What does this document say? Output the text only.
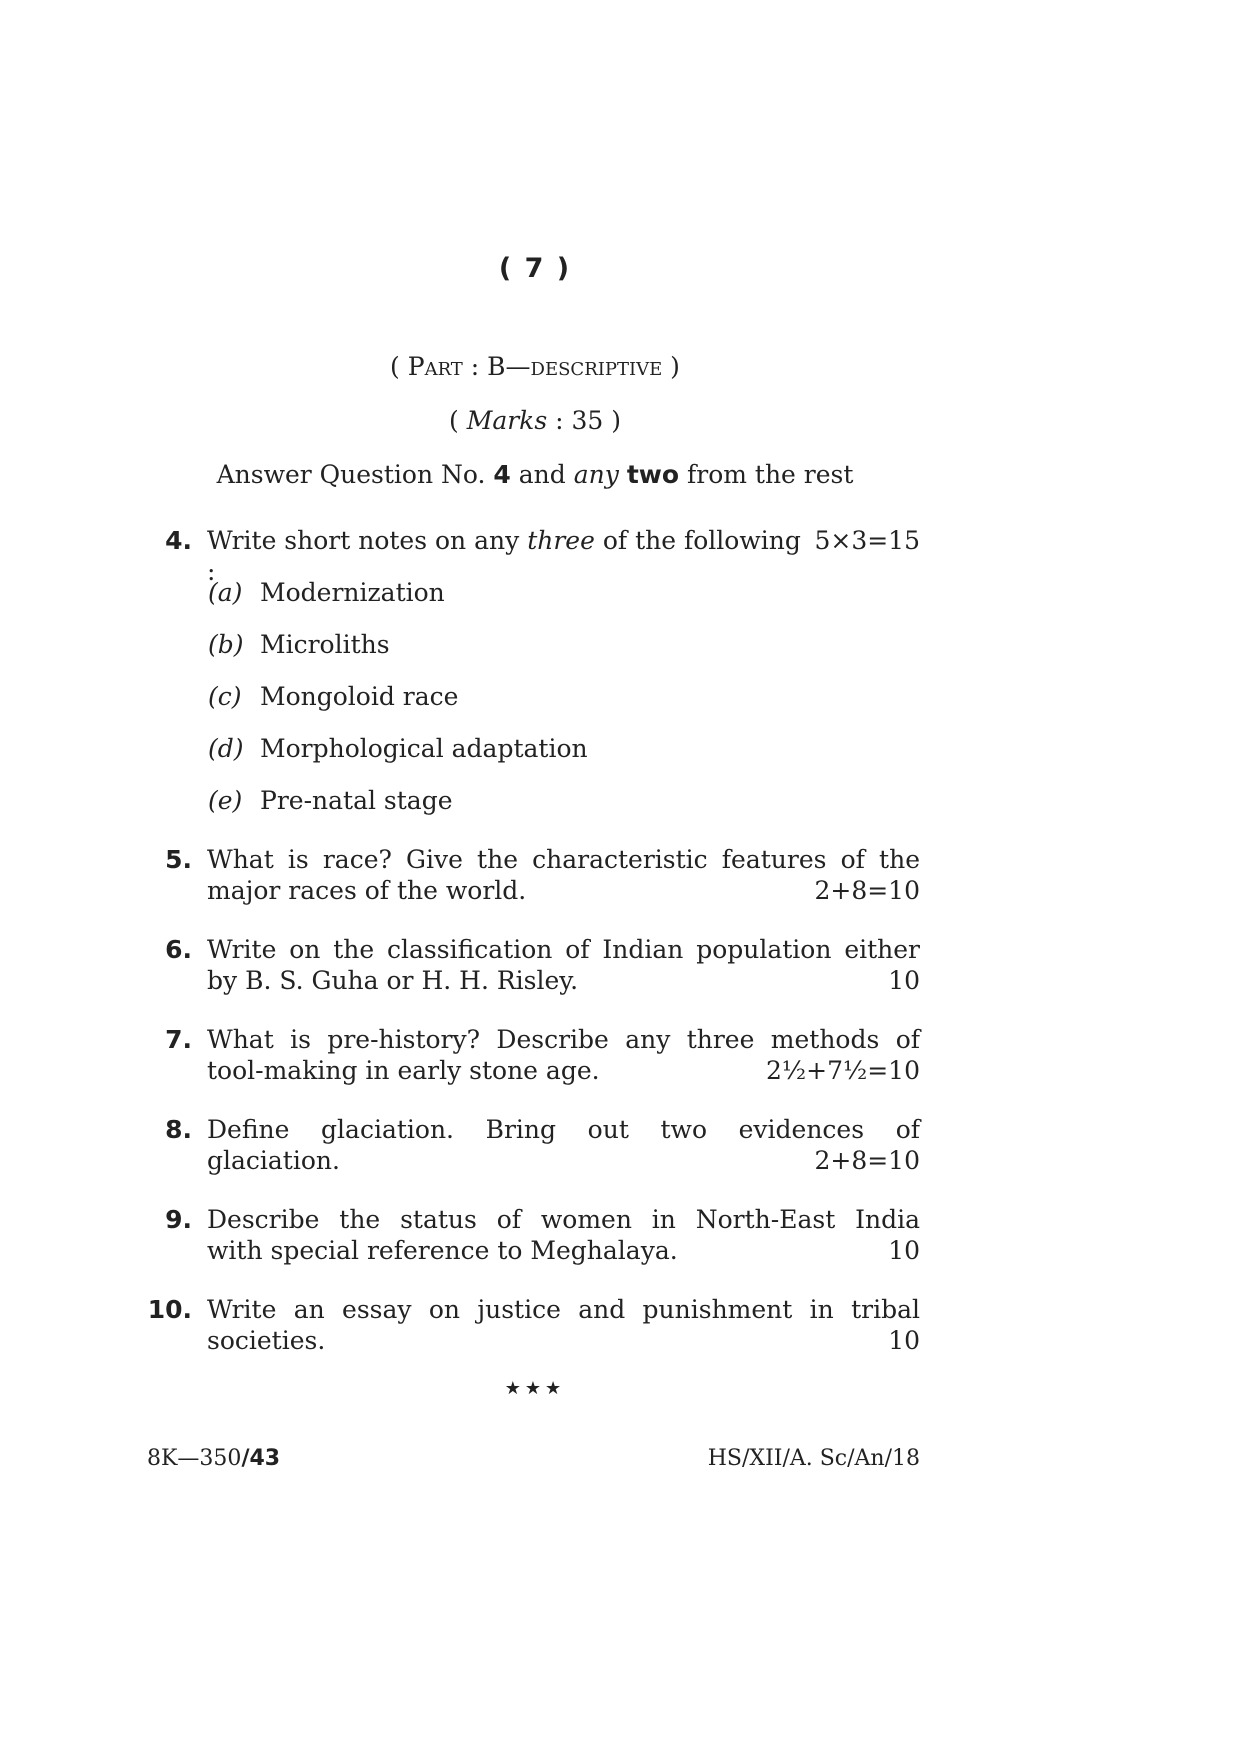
( 7 )
( Part : B—descriptive )
( Marks : 35 )
Answer Question No. 4 and any two from the rest
4. Write short notes on any three of the following :
5×3=15
(a) Modernization
(b) Microliths
(c) Mongoloid race
(d) Morphological adaptation
(e) Pre-natal stage
5. What is race? Give the characteristic features of the
major races of the world.	2+8=10
6. Write on the classification of Indian population either
by B. S. Guha or H. H. Risley.	10
7. What is pre-history? Describe any three methods of
tool-making in early stone age.	2½+7½=10
8. Define glaciation. Bring out two evidences of
glaciation.	2+8=10
9. Describe the status of women in North-East India
with special reference to Meghalaya.	10
10. Write an essay on justice and punishment in tribal
societies.	10
★★★
8K—350/43	HS/XII/A. Sc/An/18
